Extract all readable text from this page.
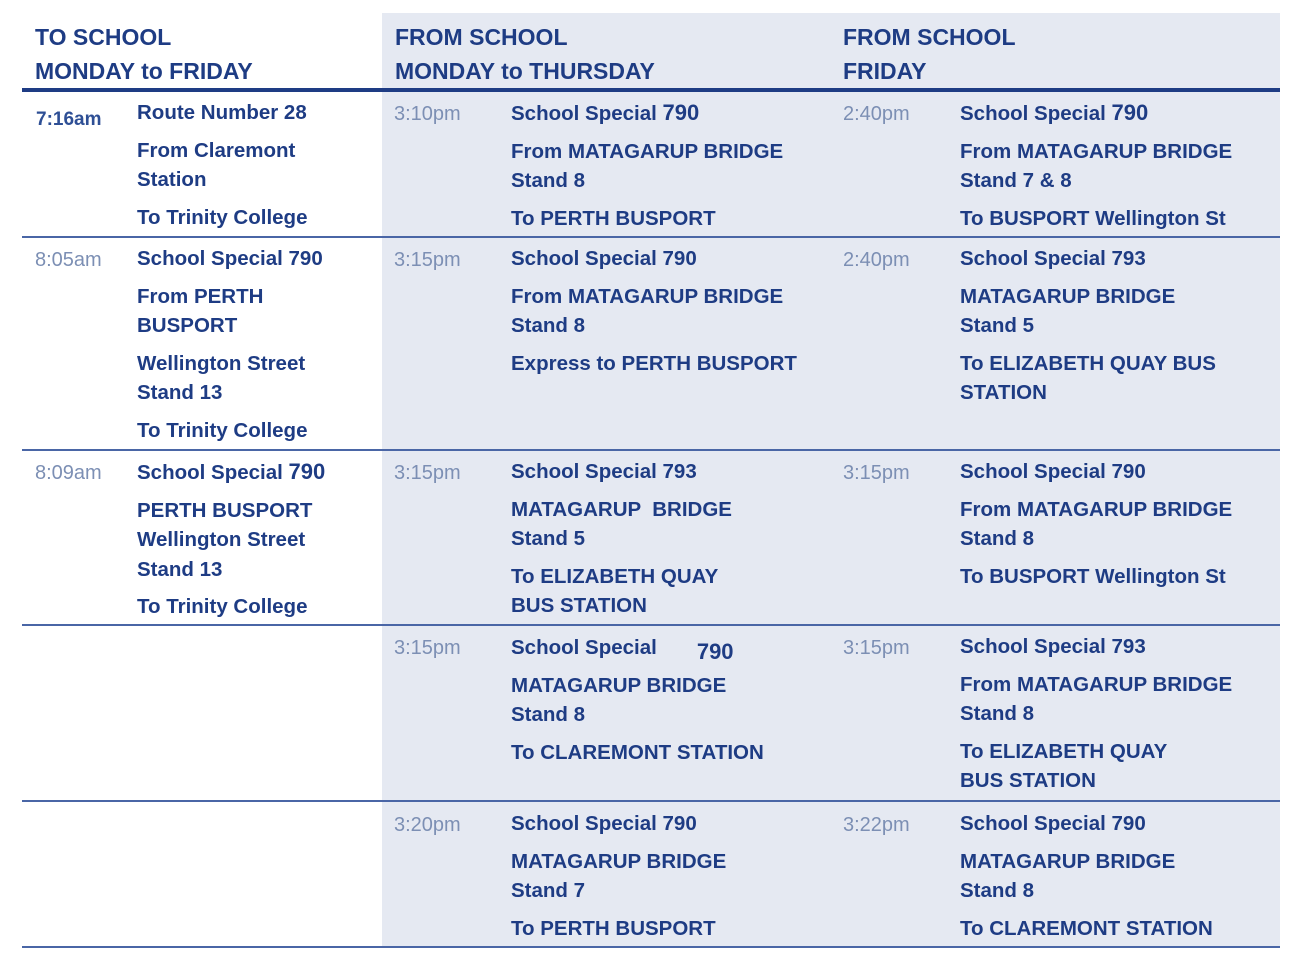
TO SCHOOL
MONDAY to FRIDAY
FROM SCHOOL
MONDAY to THURSDAY
FROM SCHOOL
FRIDAY
7:16am Route Number 28
From Claremont
Station
To Trinity College
3:10pm School Special 790
From MATAGARUP BRIDGE
Stand 8
To PERTH BUSPORT
2:40pm School Special 790
From MATAGARUP BRIDGE
Stand 7 & 8
To BUSPORT Wellington St
8:05am School Special 790
From PERTH
BUSPORT
Wellington Street
Stand 13
To Trinity College
3:15pm School Special 790
From MATAGARUP BRIDGE
Stand 8
Express to PERTH BUSPORT
2:40pm School Special 793
MATAGARUP BRIDGE
Stand 5
To ELIZABETH QUAY BUS
STATION
8:09am School Special 790
PERTH BUSPORT
Wellington Street
Stand 13
To Trinity College
3:15pm School Special 793
MATAGARUP  BRIDGE
Stand 5
To ELIZABETH QUAY
BUS STATION
3:15pm School Special 790
From MATAGARUP BRIDGE
Stand 8
To BUSPORT Wellington St
3:15pm School Special 790
MATAGARUP BRIDGE
Stand 8
To CLAREMONT STATION
3:15pm School Special 793
From MATAGARUP BRIDGE
Stand 8
To ELIZABETH QUAY
BUS STATION
3:20pm School Special 790
MATAGARUP BRIDGE
Stand 7
To PERTH BUSPORT
3:22pm School Special 790
MATAGARUP BRIDGE
Stand 8
To CLAREMONT STATION
